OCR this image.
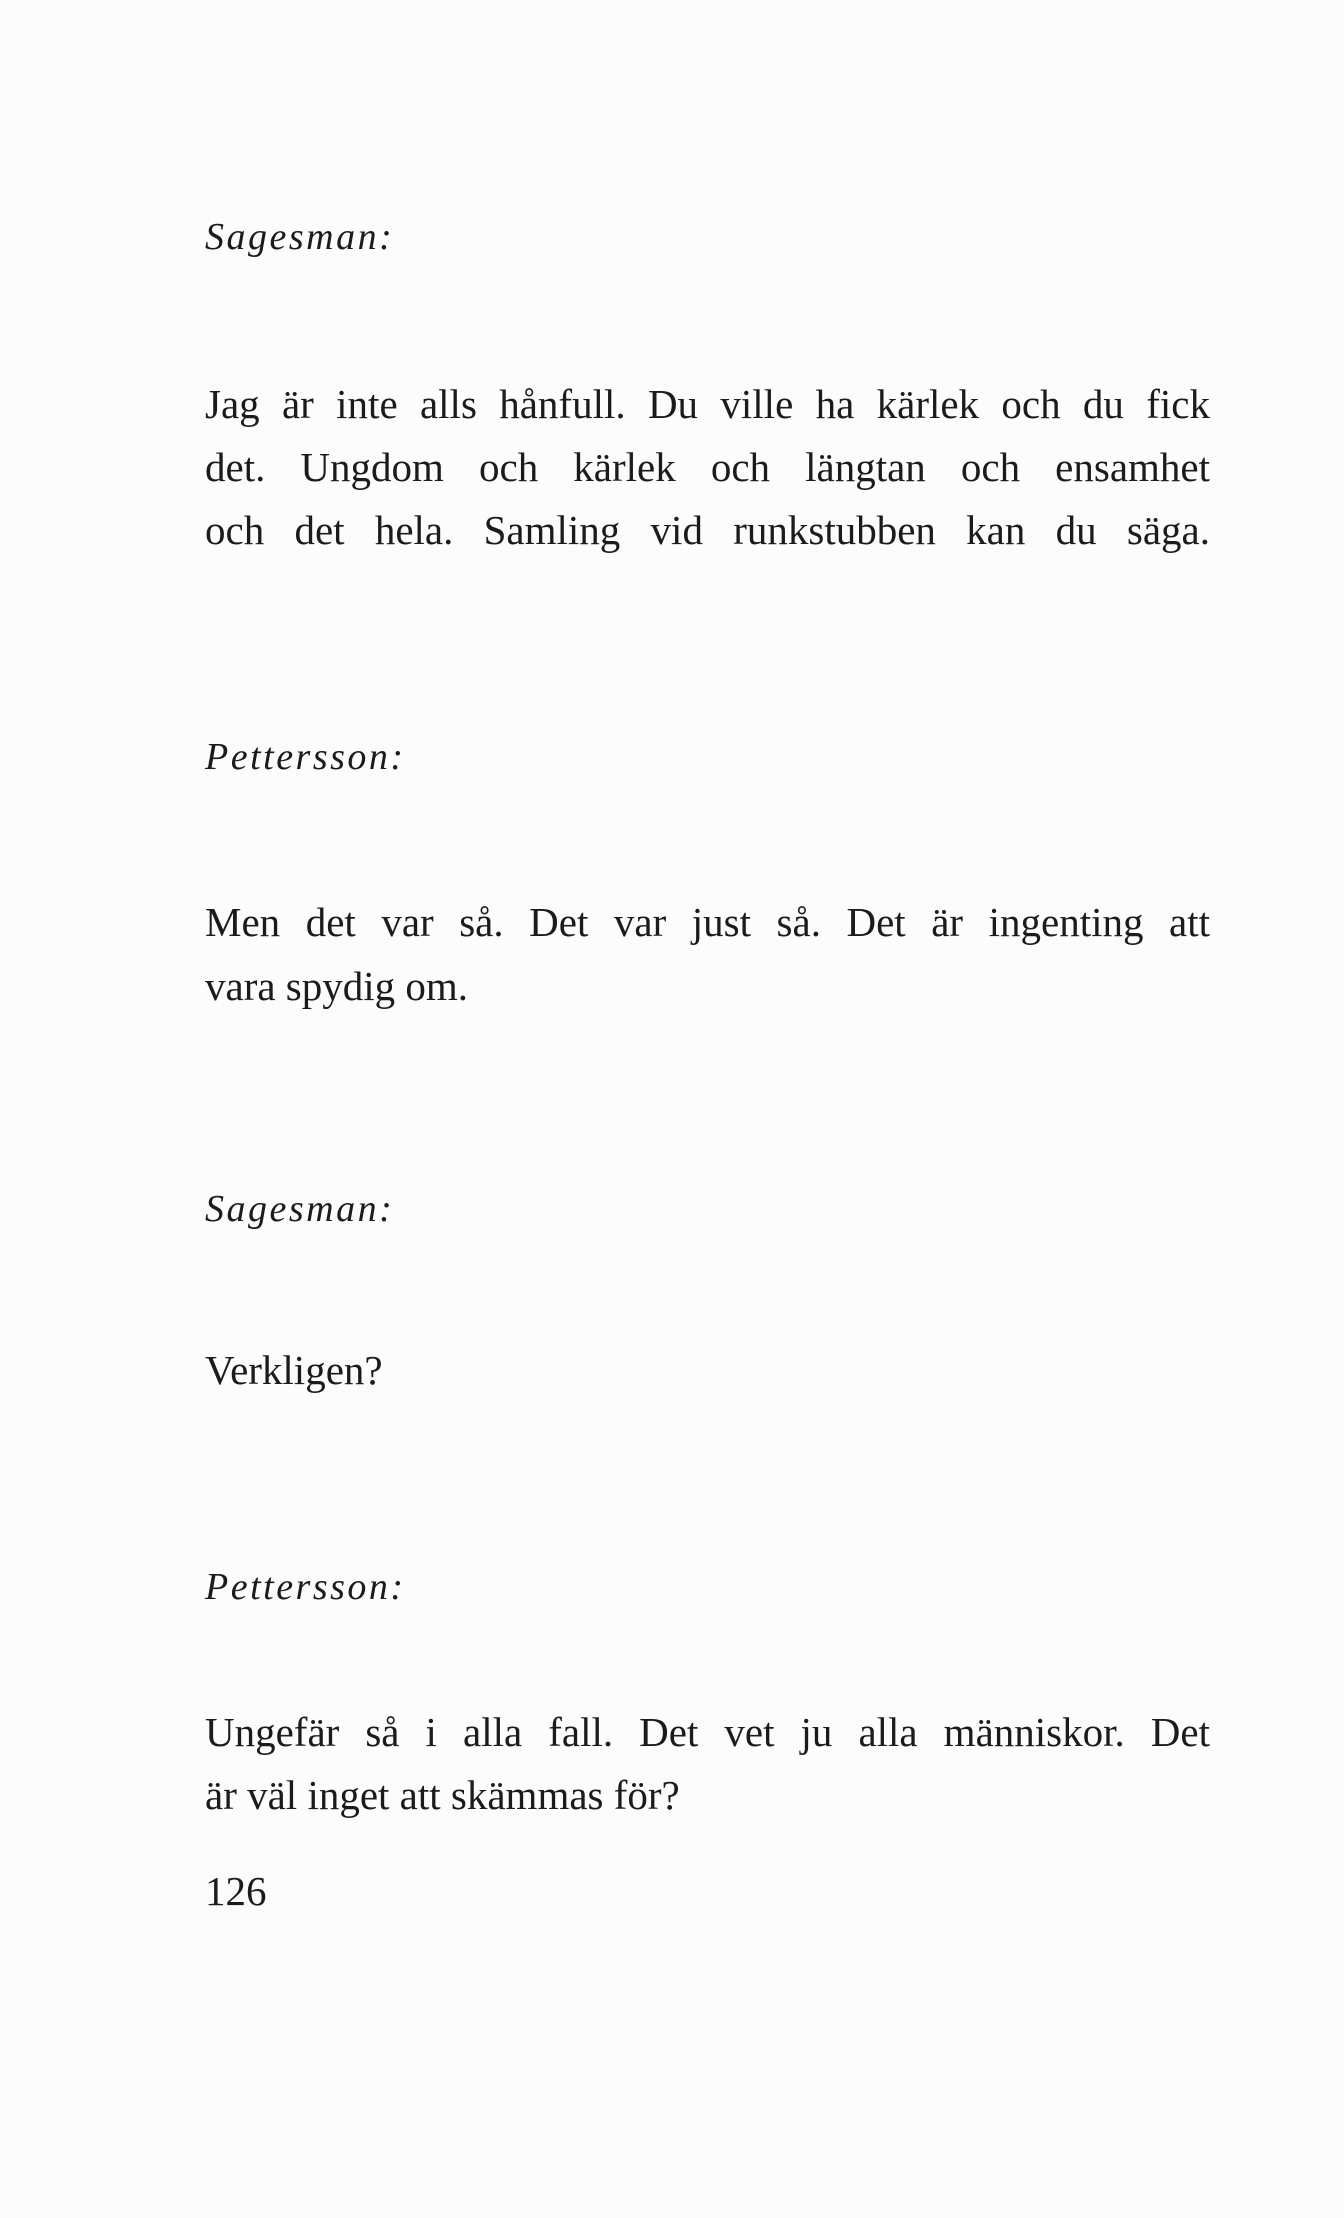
Sagesman:
Jag är inte alls hånfull. Du ville ha kärlek och du fick
det. Ungdom och kärlek och längtan och ensamhet
och det hela. Samling vid runkstubben kan du säga.
Pettersson:
Men det var så. Det var just så. Det är ingenting att
vara spydig om.
Sagesman:
Verkligen?
Pettersson:
Ungefär så i alla fall. Det vet ju alla människor. Det
är väl inget att skämmas för?
126
